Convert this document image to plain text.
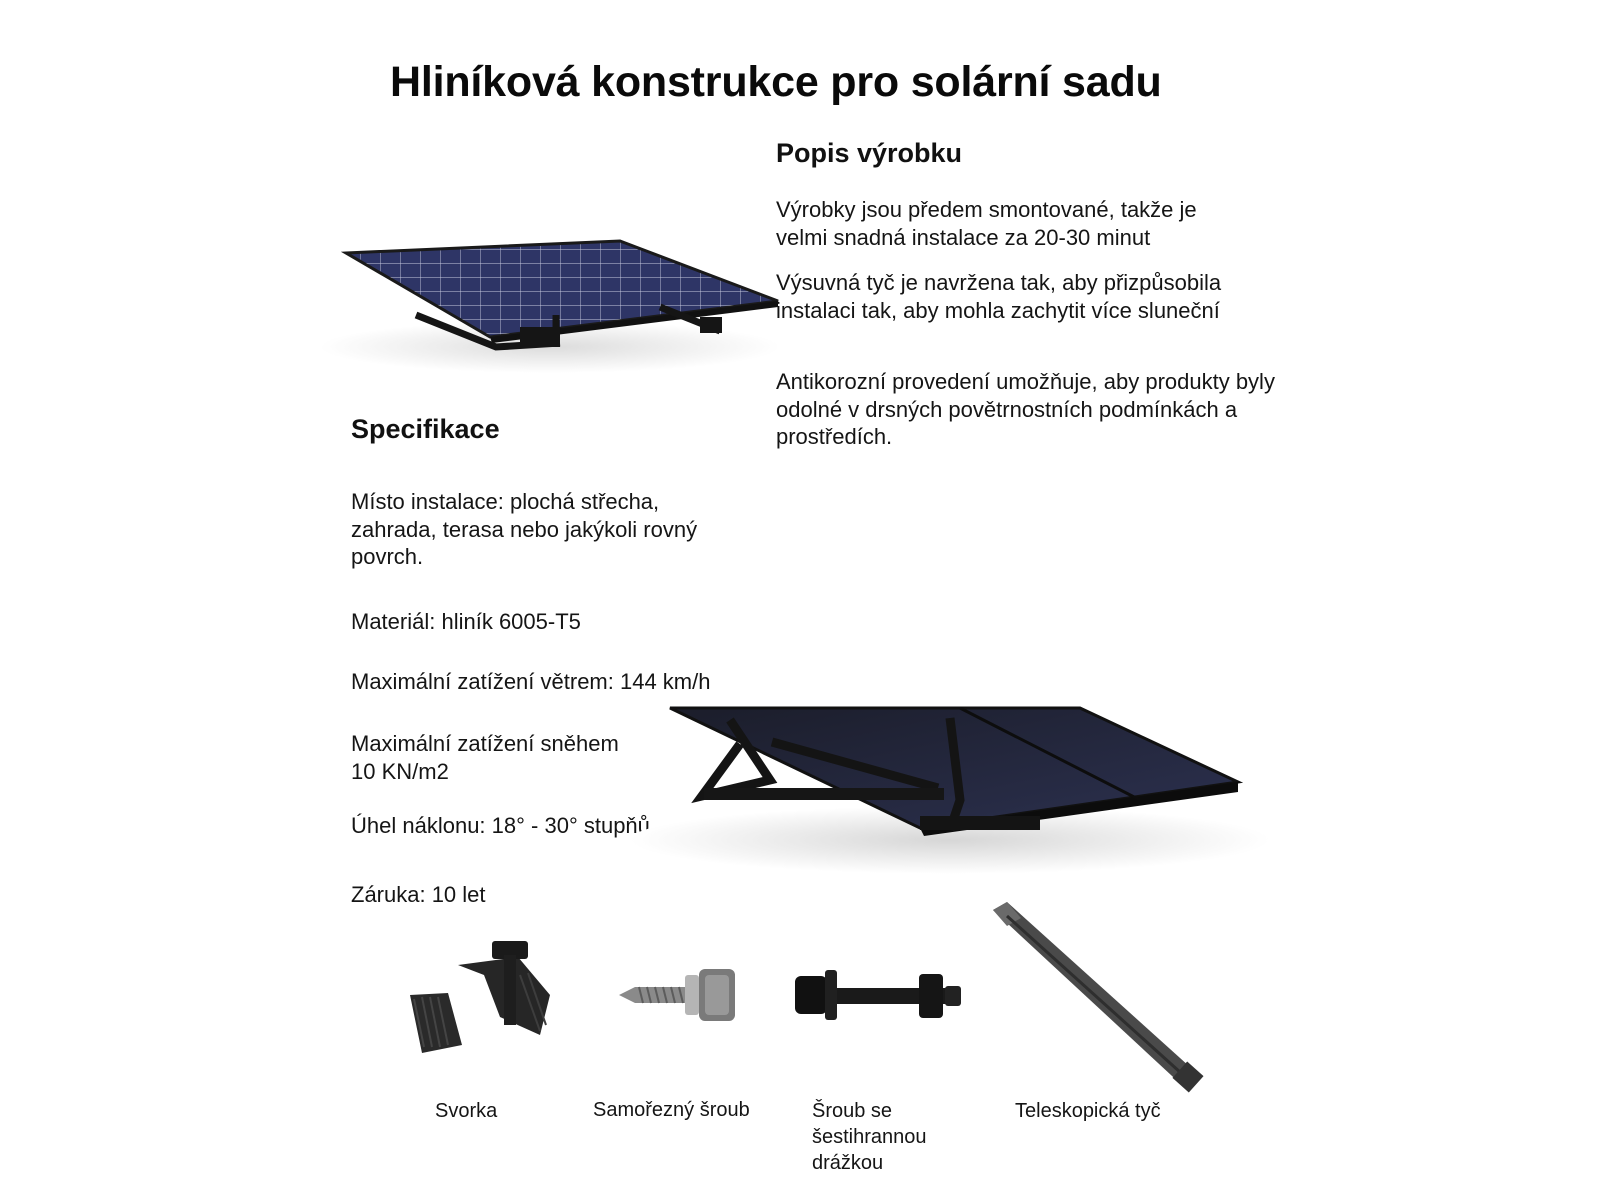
Hliníková konstrukce pro solární sadu
Popis výrobku

Výrobky jsou předem smontované, takže je velmi snadná instalace za 20-30 minut

Výsuvná tyč je navržena tak, aby přizpůsobila instalaci tak, aby mohla zachytit více sluneční

Antikorozní provedení umožňuje, aby produkty byly odolné v drsných povětrnostních podmínkách a prostředích.

Specifikace

Místo instalace: plochá střecha, zahrada, terasa nebo jakýkoli rovný povrch.

Materiál: hliník 6005-T5

Maximální zatížení větrem: 144 km/h

Maximální zatížení sněhem
10 KN/m2

Úhel náklonu: 18° - 30° stupňů

Záruka: 10 let

Svorka	Samořezný šroub	Šroub se šestihrannou drážkou

Teleskopická tyč
